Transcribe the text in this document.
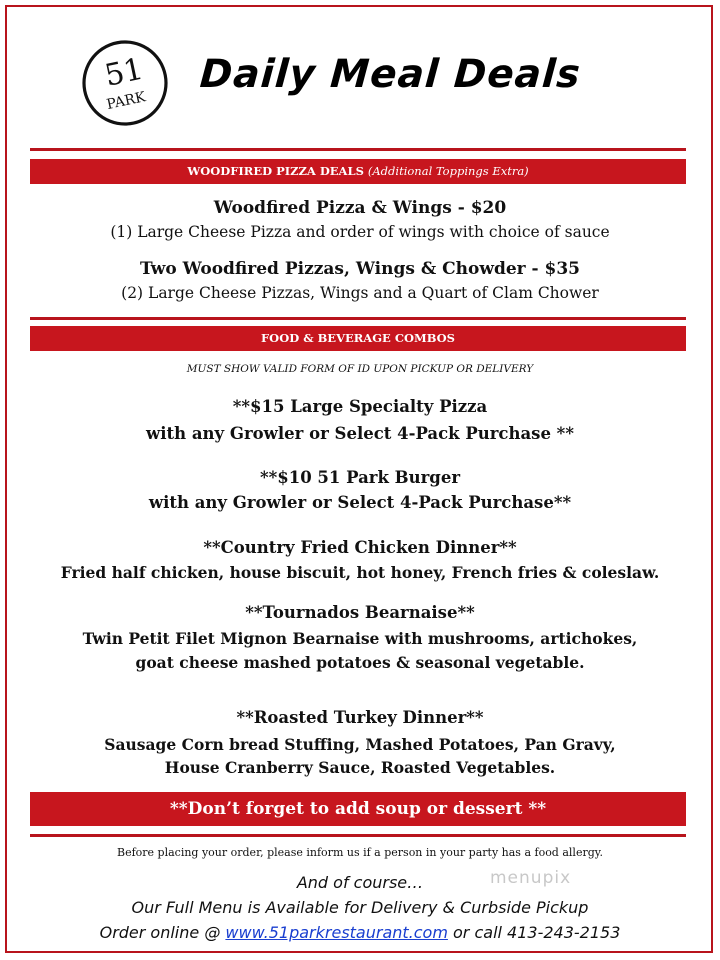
51
PARK
Daily Meal Deals
WOODFIRED PIZZA DEALS (Additional Toppings Extra)
Woodfired Pizza & Wings - $20
(1) Large Cheese Pizza and order of wings with choice of sauce
Two Woodfired Pizzas, Wings & Chowder - $35
(2) Large Cheese Pizzas, Wings and a Quart of Clam Chower
FOOD & BEVERAGE COMBOS
MUST SHOW VALID FORM OF ID UPON PICKUP OR DELIVERY
**$15 Large Specialty Pizza
with any Growler or Select 4-Pack Purchase **
**$10 51 Park Burger
with any Growler or Select 4-Pack Purchase**
**Country Fried Chicken Dinner**
Fried half chicken, house biscuit, hot honey, French fries & coleslaw.
**Tournados Bearnaise**
Twin Petit Filet Mignon Bearnaise with mushrooms, artichokes,
goat cheese mashed potatoes & seasonal vegetable.
**Roasted Turkey Dinner**
Sausage Corn bread Stuffing, Mashed Potatoes, Pan Gravy,
House Cranberry Sauce, Roasted Vegetables.
**Don’t forget to add soup or dessert **
Before placing your order, please inform us if a person in your party has a food allergy.
menupix
And of course…
Our Full Menu is Available for Delivery & Curbside Pickup
Order online @ www.51parkrestaurant.com or call 413-243-2153
